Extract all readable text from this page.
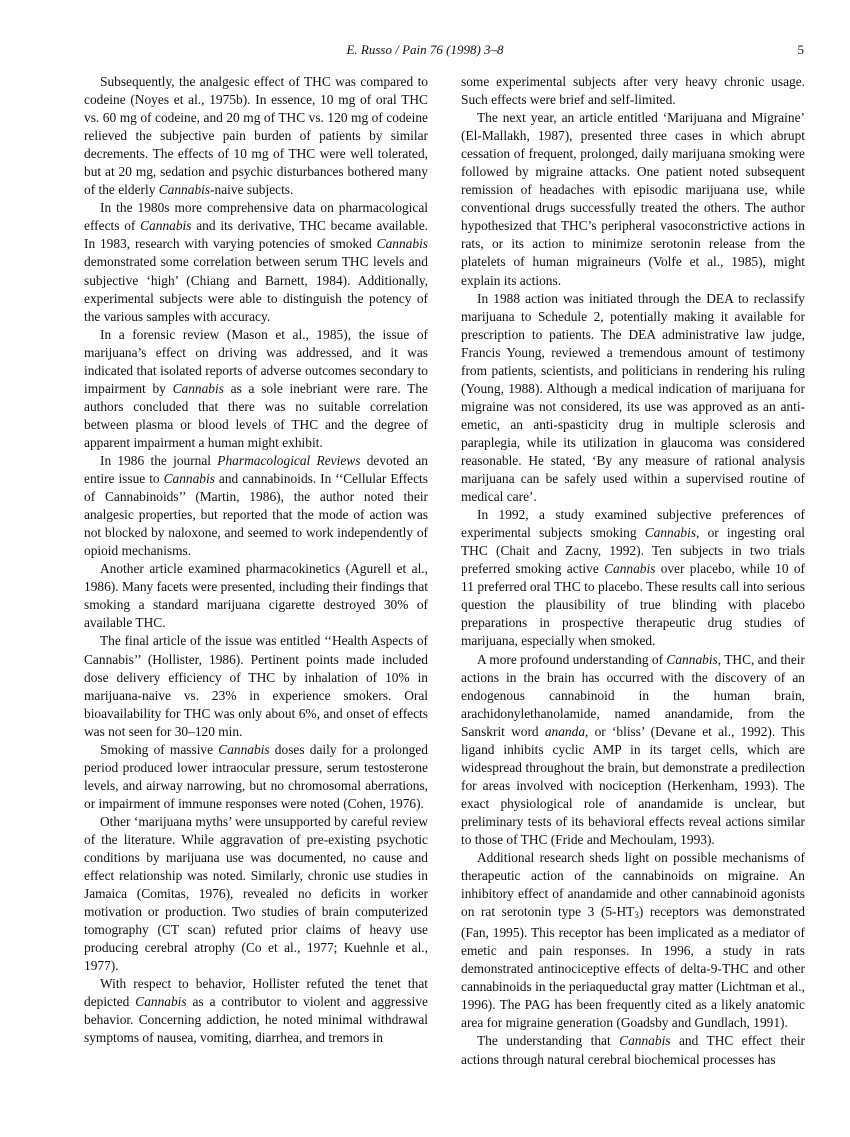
E. Russo / Pain 76 (1998) 3–8	5

Subsequently, the analgesic effect of THC was compared to codeine (Noyes et al., 1975b). In essence, 10 mg of oral THC vs. 60 mg of codeine, and 20 mg of THC vs. 120 mg of codeine relieved the subjective pain burden of patients by similar decrements. The effects of 10 mg of THC were well tolerated, but at 20 mg, sedation and psychic disturbances bothered many of the elderly Cannabis-naive subjects.

In the 1980s more comprehensive data on pharmacological effects of Cannabis and its derivative, THC became available. In 1983, research with varying potencies of smoked Cannabis demonstrated some correlation between serum THC levels and subjective ‘high’ (Chiang and Barnett, 1984). Additionally, experimental subjects were able to distinguish the potency of the various samples with accuracy.

In a forensic review (Mason et al., 1985), the issue of marijuana’s effect on driving was addressed, and it was indicated that isolated reports of adverse outcomes secondary to impairment by Cannabis as a sole inebriant were rare. The authors concluded that there was no suitable correlation between plasma or blood levels of THC and the degree of apparent impairment a human might exhibit.

In 1986 the journal Pharmacological Reviews devoted an entire issue to Cannabis and cannabinoids. In ‘‘Cellular Effects of Cannabinoids’’ (Martin, 1986), the author noted their analgesic properties, but reported that the mode of action was not blocked by naloxone, and seemed to work independently of opioid mechanisms.

Another article examined pharmacokinetics (Agurell et al., 1986). Many facets were presented, including their findings that smoking a standard marijuana cigarette destroyed 30% of available THC.

The final article of the issue was entitled ‘‘Health Aspects of Cannabis’’ (Hollister, 1986). Pertinent points made included dose delivery efficiency of THC by inhalation of 10% in marijuana-naive vs. 23% in experience smokers. Oral bioavailability for THC was only about 6%, and onset of effects was not seen for 30–120 min.

Smoking of massive Cannabis doses daily for a prolonged period produced lower intraocular pressure, serum testosterone levels, and airway narrowing, but no chromosomal aberrations, or impairment of immune responses were noted (Cohen, 1976).

Other ‘marijuana myths’ were unsupported by careful review of the literature. While aggravation of pre-existing psychotic conditions by marijuana use was documented, no cause and effect relationship was noted. Similarly, chronic use studies in Jamaica (Comitas, 1976), revealed no deficits in worker motivation or production. Two studies of brain computerized tomography (CT scan) refuted prior claims of heavy use producing cerebral atrophy (Co et al., 1977; Kuehnle et al., 1977).

With respect to behavior, Hollister refuted the tenet that depicted Cannabis as a contributor to violent and aggressive behavior. Concerning addiction, he noted minimal withdrawal symptoms of nausea, vomiting, diarrhea, and tremors in

some experimental subjects after very heavy chronic usage. Such effects were brief and self-limited.

The next year, an article entitled ‘Marijuana and Migraine’ (El-Mallakh, 1987), presented three cases in which abrupt cessation of frequent, prolonged, daily marijuana smoking were followed by migraine attacks. One patient noted subsequent remission of headaches with episodic marijuana use, while conventional drugs successfully treated the others. The author hypothesized that THC’s peripheral vasoconstrictive actions in rats, or its action to minimize serotonin release from the platelets of human migraineurs (Volfe et al., 1985), might explain its actions.

In 1988 action was initiated through the DEA to reclassify marijuana to Schedule 2, potentially making it available for prescription to patients. The DEA administrative law judge, Francis Young, reviewed a tremendous amount of testimony from patients, scientists, and politicians in rendering his ruling (Young, 1988). Although a medical indication of marijuana for migraine was not considered, its use was approved as an anti-emetic, an anti-spasticity drug in multiple sclerosis and paraplegia, while its utilization in glaucoma was considered reasonable. He stated, ‘By any measure of rational analysis marijuana can be safely used within a supervised routine of medical care’.

In 1992, a study examined subjective preferences of experimental subjects smoking Cannabis, or ingesting oral THC (Chait and Zacny, 1992). Ten subjects in two trials preferred smoking active Cannabis over placebo, while 10 of 11 preferred oral THC to placebo. These results call into serious question the plausibility of true blinding with placebo preparations in prospective therapeutic drug studies of marijuana, especially when smoked.

A more profound understanding of Cannabis, THC, and their actions in the brain has occurred with the discovery of an endogenous cannabinoid in the human brain, arachidonylethanolamide, named anandamide, from the Sanskrit word ananda, or ‘bliss’ (Devane et al., 1992). This ligand inhibits cyclic AMP in its target cells, which are widespread throughout the brain, but demonstrate a predilection for areas involved with nociception (Herkenham, 1993). The exact physiological role of anandamide is unclear, but preliminary tests of its behavioral effects reveal actions similar to those of THC (Fride and Mechoulam, 1993).

Additional research sheds light on possible mechanisms of therapeutic action of the cannabinoids on migraine. An inhibitory effect of anandamide and other cannabinoid agonists on rat serotonin type 3 $(5-HT_3)$ receptors was demonstrated (Fan, 1995). This receptor has been implicated as a mediator of emetic and pain responses. In 1996, a study in rats demonstrated antinociceptive effects of delta-9-THC and other cannabinoids in the periaqueductal gray matter (Lichtman et al., 1996). The PAG has been frequently cited as a likely anatomic area for migraine generation (Goadsby and Gundlach, 1991).

The understanding that Cannabis and THC effect their actions through natural cerebral biochemical processes has
